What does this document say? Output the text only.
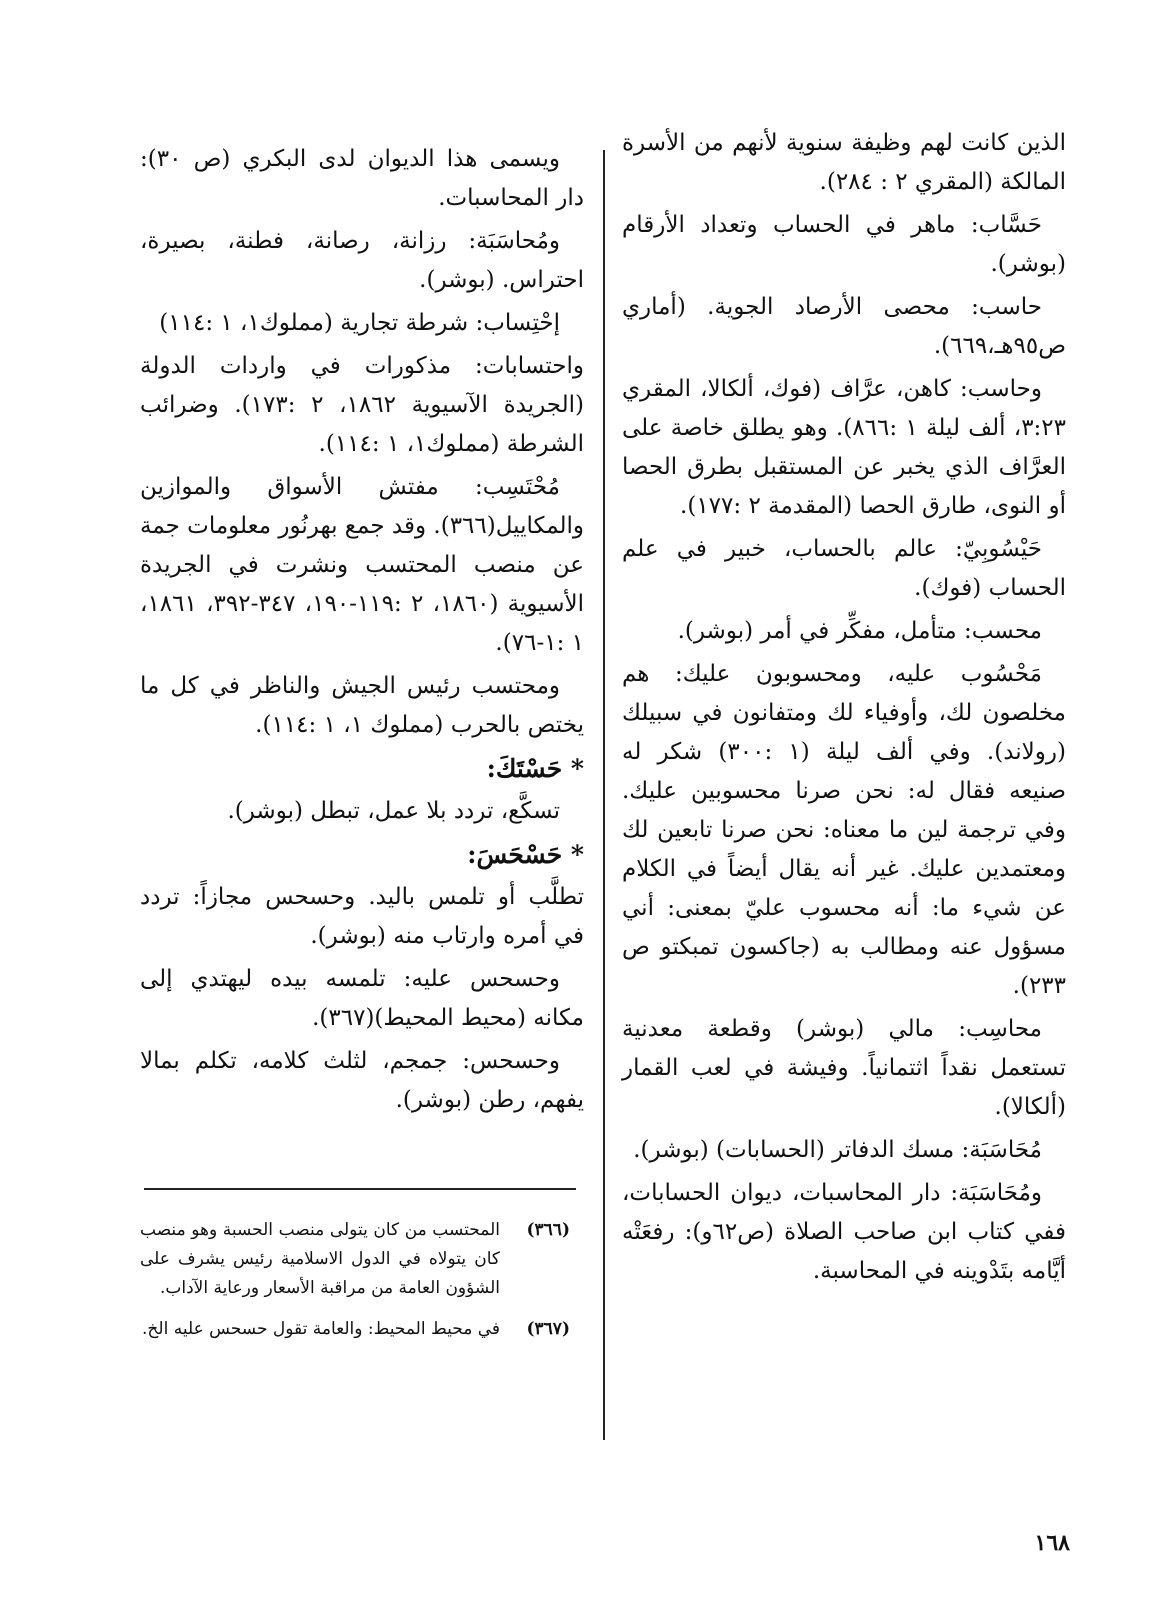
الذين كانت لهم وظيفة سنوية لأنهم من الأسرة المالكة (المقري ٢ : ٢٨٤).

حَسَّاب: ماهر في الحساب وتعداد الأرقام (بوشر).

حاسب: محصى الأرصاد الجوية. (أماري ص٩٥هـ،٦٦٩).

وحاسب: كاهن، عرَّاف (فوك، ألكالا، المقري ٣:٢٣، ألف ليلة ١ :٨٦٦). وهو يطلق خاصة على العرَّاف الذي يخبر عن المستقبل بطرق الحصا أو النوى، طارق الحصا (المقدمة ٢ :١٧٧).

حَيْسُوبِيّ: عالم بالحساب، خبير في علم الحساب (فوك).

محسب: متأمل، مفكِّر في أمر (بوشر).

مَحْسُوب عليه، ومحسوبون عليك: هم مخلصون لك، وأوفياء لك ومتفانون في سبيلك (رولاند). وفي ألف ليلة (١ :٣٠٠) شكر له صنيعه فقال له: نحن صرنا محسوبين عليك. وفي ترجمة لين ما معناه: نحن صرنا تابعين لك ومعتمدين عليك. غير أنه يقال أيضاً في الكلام عن شيء ما: أنه محسوب عليّ بمعنى: أني مسؤول عنه ومطالب به (جاكسون تمبكتو ص ٢٣٣).

محاسِب: مالي (بوشر) وقطعة معدنية تستعمل نقداً اثتمانياً. وفيشة في لعب القمار (ألكالا).

مُحَاسَبَة: مسك الدفاتر (الحسابات) (بوشر).

ومُحَاسَبَة: دار المحاسبات، ديوان الحسابات، ففي كتاب ابن صاحب الصلاة (ص٦٢و): رفعَتْه أيَّامه بتَدْوينه في المحاسبة.

ويسمى هذا الديوان لدى البكري (ص ٣٠): دار المحاسبات.

ومُحاسَبَة: رزانة، رصانة، فطنة، بصيرة، احتراس. (بوشر).

إحْتِساب: شرطة تجارية (مملوك١، ١ :١١٤)

واحتسابات: مذكورات في واردات الدولة (الجريدة الآسيوية ١٨٦٢، ٢ :١٧٣). وضرائب الشرطة (مملوك١، ١ :١١٤).

مُحْتَسِب: مفتش الأسواق والموازين والمكاييل(٣٦٦). وقد جمع بهرنُور معلومات جمة عن منصب المحتسب ونشرت في الجريدة الأسيوية (١٨٦٠، ٢ :١١٩-١٩٠، ٣٤٧-٣٩٢، ١٨٦١، ١ :١-٧٦).

ومحتسب رئيس الجيش والناظر في كل ما يختص بالحرب (مملوك ١، ١ :١١٤).

* حَسْتَكَ:

تسكَّع، تردد بلا عمل، تبطل (بوشر).

* حَسْحَسَ:

تطلَّب أو تلمس باليد. وحسحس مجازاً: تردد في أمره وارتاب منه (بوشر).

وحسحس عليه: تلمسه بيده ليهتدي إلى مكانه (محيط المحيط)(٣٦٧).

وحسحس: جمجم، لثلث كلامه، تكلم بمالا يفهم، رطن (بوشر).

(٣٦٦)
المحتسب من كان يتولى منصب الحسبة وهو منصب كان يتولاه في الدول الاسلامية رئيس يشرف على الشؤون العامة من مراقبة الأسعار ورعاية الآداب.
(٣٦٧)
في محيط المحيط: والعامة تقول حسحس عليه الخ.
١٦٨
